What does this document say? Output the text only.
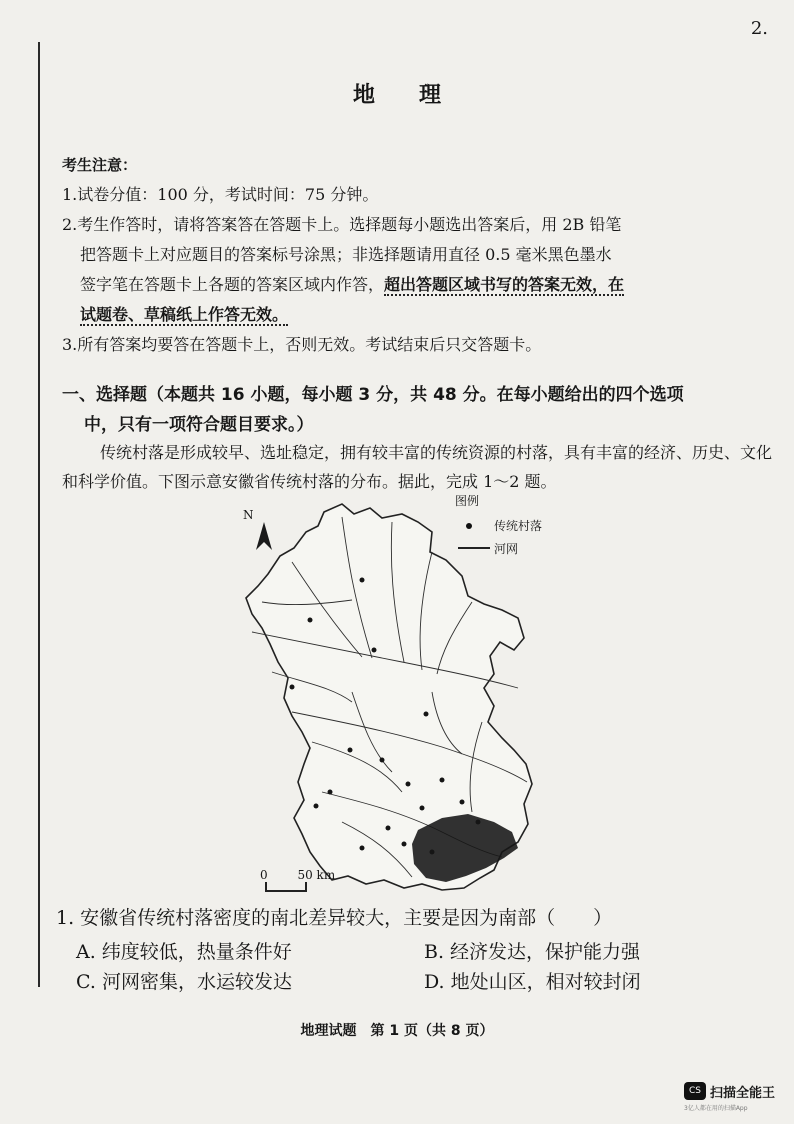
2.
地理
考生注意：
1.试卷分值：100 分，考试时间：75 分钟。
2.考生作答时，请将答案答在答题卡上。选择题每小题选出答案后，用 2B 铅笔
把答题卡上对应题目的答案标号涂黑；非选择题请用直径 0.5 毫米黑色墨水
签字笔在答题卡上各题的答案区域内作答，超出答题区域书写的答案无效，在
试题卷、草稿纸上作答无效。
3.所有答案均要答在答题卡上，否则无效。考试结束后只交答题卡。
一、选择题（本题共 16 小题，每小题 3 分，共 48 分。在每小题给出的四个选项
中，只有一项符合题目要求。）
传统村落是形成较早、选址稳定，拥有较丰富的传统资源的村落，具有丰富的经济、历史、文化和科学价值。下图示意安徽省传统村落的分布。据此，完成 1～2 题。
N
图例
传统村落
河网
0 50 km
1. 安徽省传统村落密度的南北差异较大，主要是因为南部（　　）
A. 纬度较低，热量条件好	B. 经济发达，保护能力强
C. 河网密集，水运较发达	D. 地处山区，相对较封闭
地理试题　第 1 页（共 8 页）
CS 扫描全能王
3亿人都在用的扫描App
